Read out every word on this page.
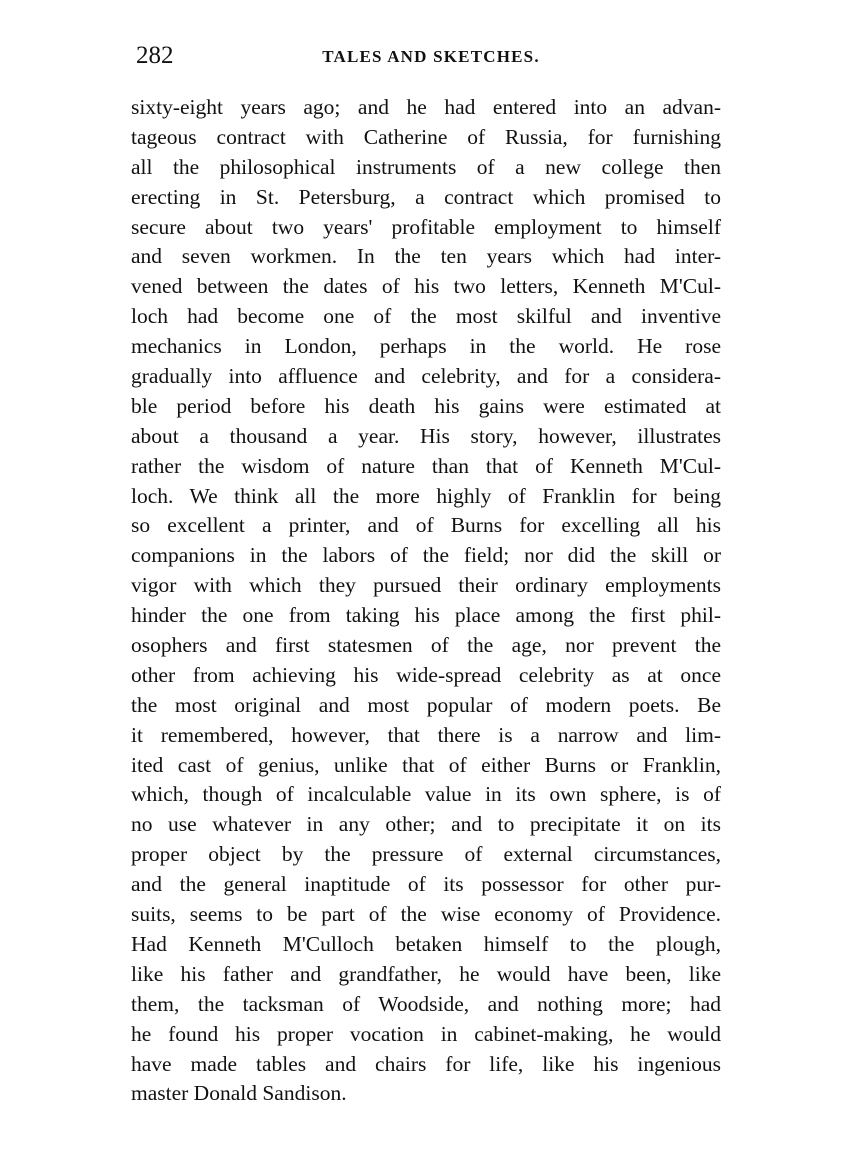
282	TALES AND SKETCHES.
sixty-eight years ago; and he had entered into an advan-
tageous contract with Catherine of Russia, for furnishing
all the philosophical instruments of a new college then
erecting in St. Petersburg, a contract which promised to
secure about two years' profitable employment to himself
and seven workmen. In the ten years which had inter-
vened between the dates of his two letters, Kenneth M'Cul-
loch had become one of the most skilful and inventive
mechanics in London, perhaps in the world. He rose
gradually into affluence and celebrity, and for a considera-
ble period before his death his gains were estimated at
about a thousand a year. His story, however, illustrates
rather the wisdom of nature than that of Kenneth M'Cul-
loch. We think all the more highly of Franklin for being
so excellent a printer, and of Burns for excelling all his
companions in the labors of the field; nor did the skill or
vigor with which they pursued their ordinary employments
hinder the one from taking his place among the first phil-
osophers and first statesmen of the age, nor prevent the
other from achieving his wide-spread celebrity as at once
the most original and most popular of modern poets. Be
it remembered, however, that there is a narrow and lim-
ited cast of genius, unlike that of either Burns or Franklin,
which, though of incalculable value in its own sphere, is of
no use whatever in any other; and to precipitate it on its
proper object by the pressure of external circumstances,
and the general inaptitude of its possessor for other pur-
suits, seems to be part of the wise economy of Providence.
Had Kenneth M'Culloch betaken himself to the plough,
like his father and grandfather, he would have been, like
them, the tacksman of Woodside, and nothing more; had
he found his proper vocation in cabinet-making, he would
have made tables and chairs for life, like his ingenious
master Donald Sandison.
